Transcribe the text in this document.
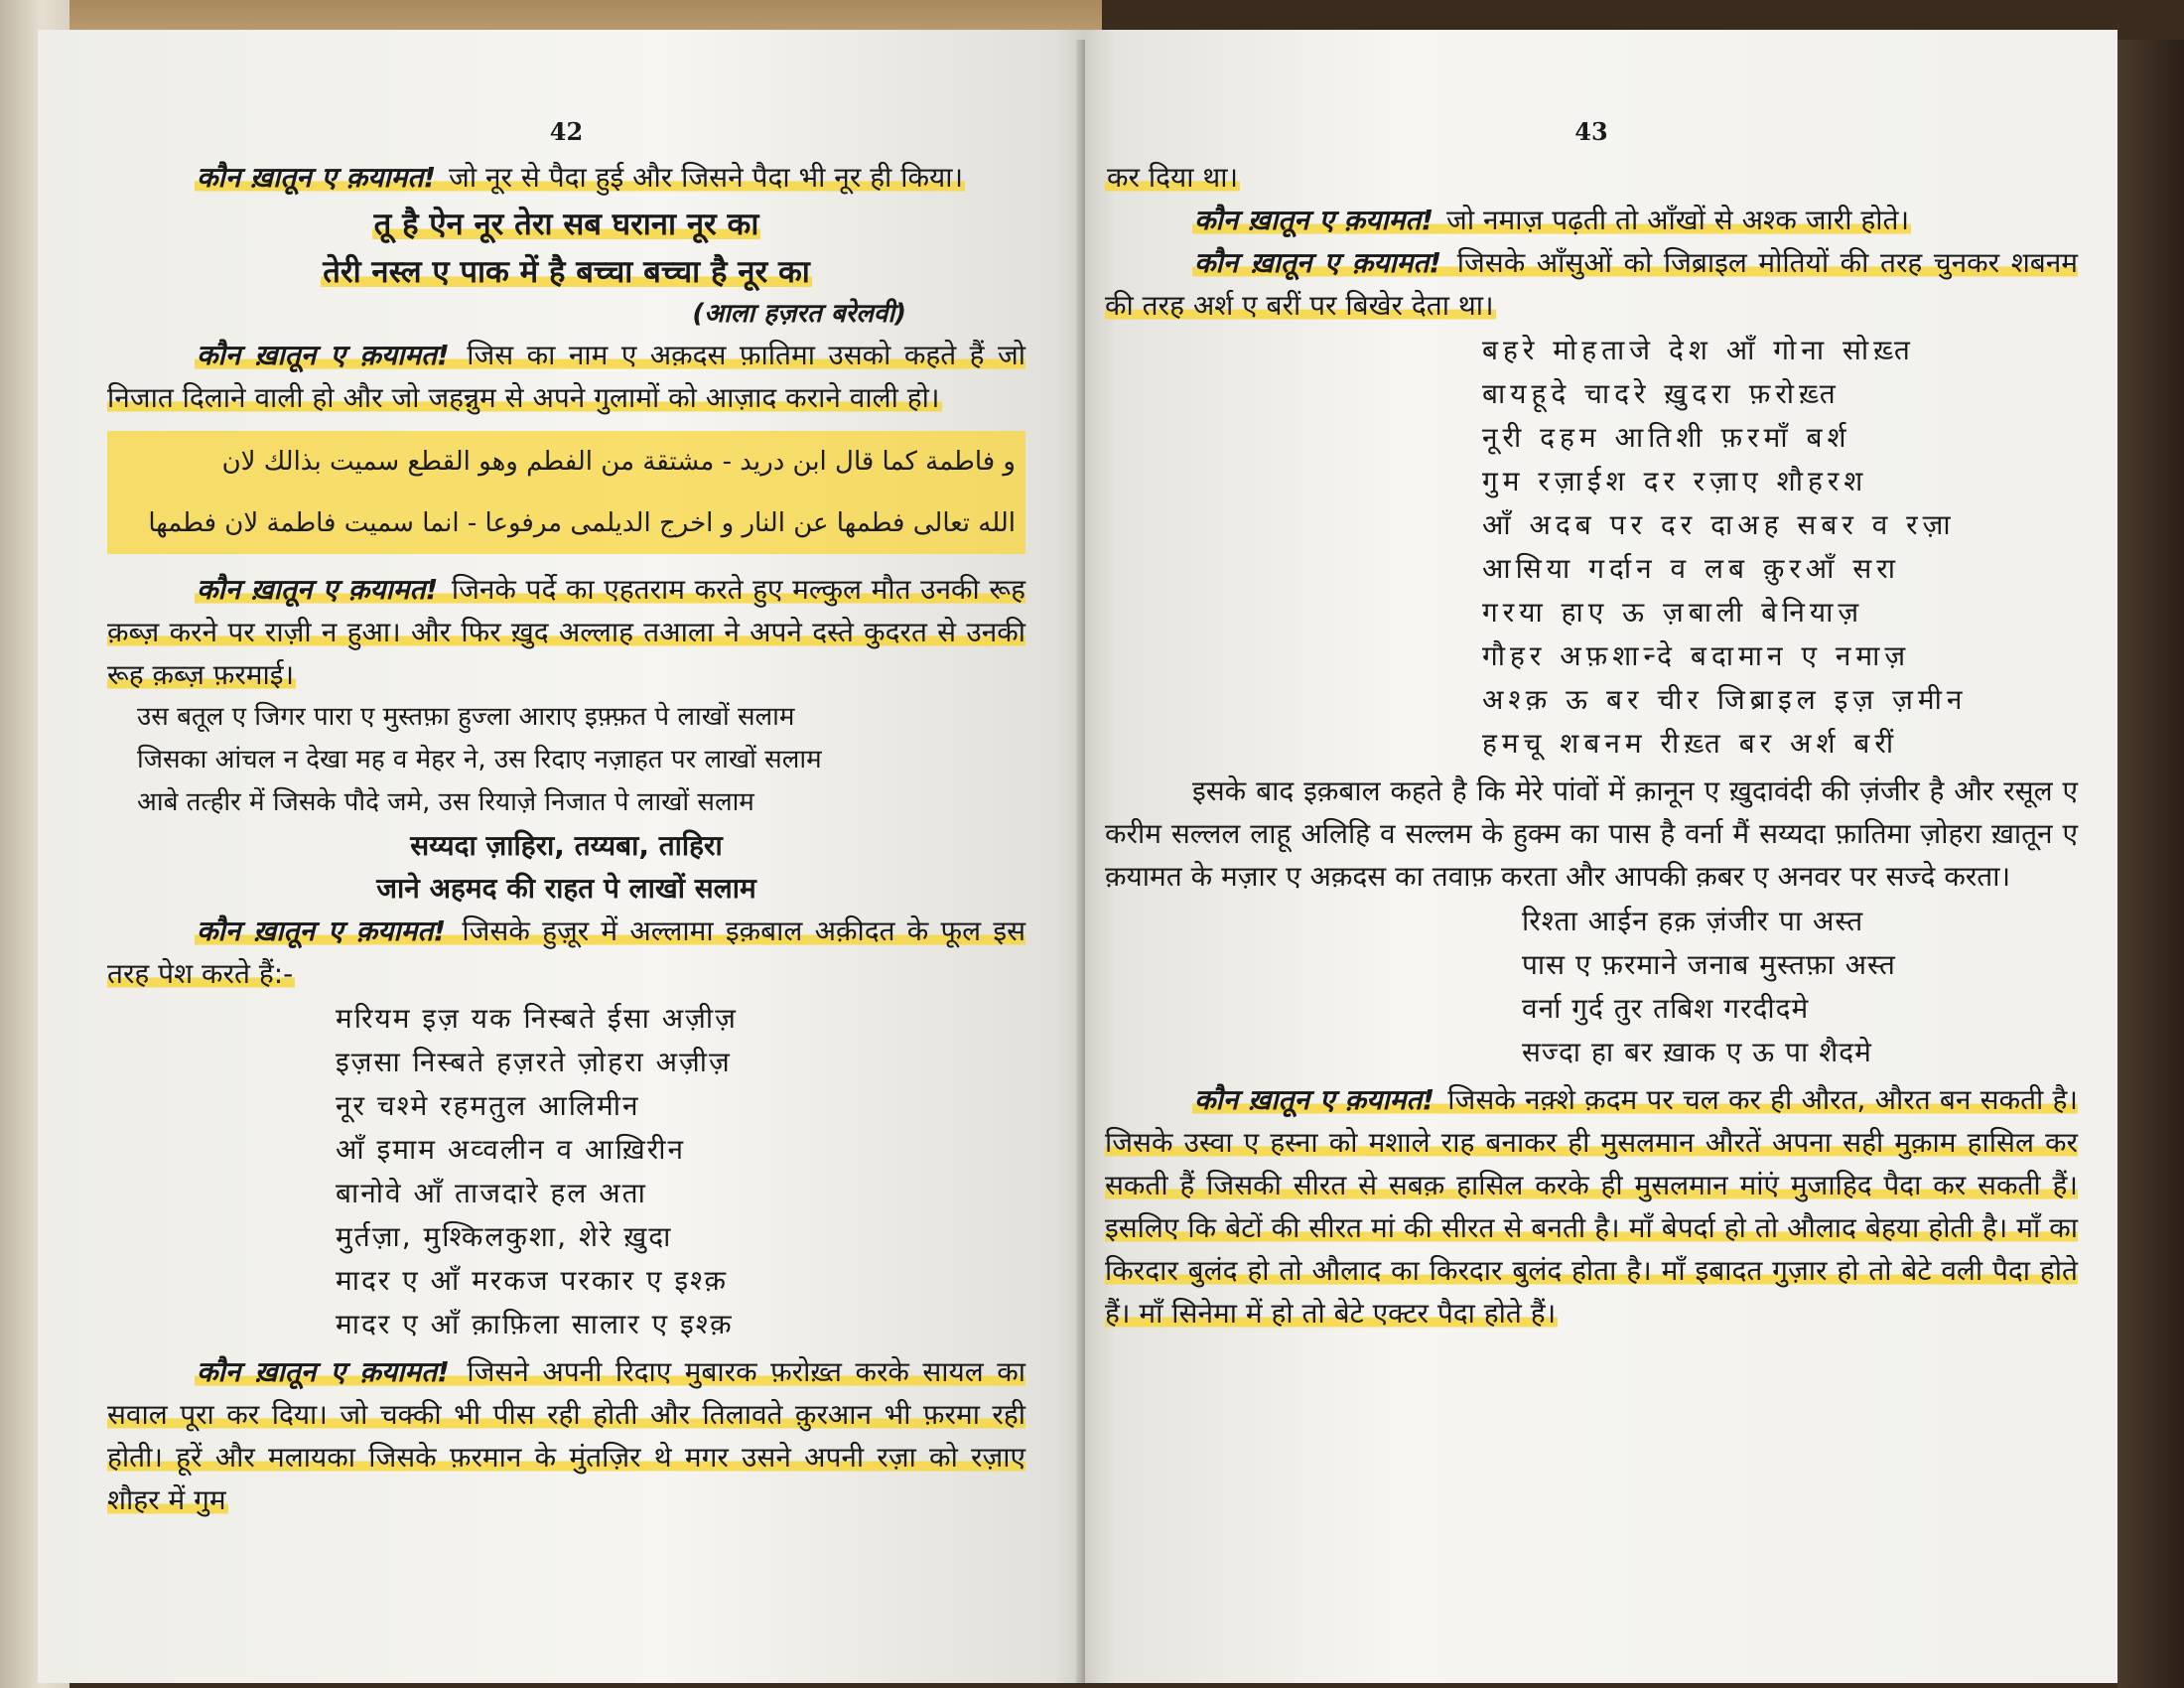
42

कौन ख़ातून ए क़यामत! जो नूर से पैदा हुई और जिसने पैदा भी नूर ही किया।

तू है ऐन नूर तेरा सब घराना नूर का
तेरी नस्ल ए पाक में है बच्चा बच्चा है नूर का
(आला हज़रत बरेलवी)

कौन ख़ातून ए क़यामत! जिस का नाम ए अक़दस फ़ातिमा उसको कहते हैं जो निजात दिलाने वाली हो और जो जहन्नुम से अपने गुलामों को आज़ाद कराने वाली हो।

و فاطمة كما قال ابن دريد - مشتقة من الفطم وهو القطع سميت بذالك لان
الله تعالى فطمها عن النار و اخرج الديلمى مرفوعا - انما سميت فاطمة لان فطمها

कौन ख़ातून ए क़यामत! जिनके पर्दे का एहतराम करते हुए मल्कुल मौत उनकी रूह क़ब्ज़ करने पर राज़ी न हुआ। और फिर ख़ुद अल्लाह तआला ने अपने दस्ते कुदरत से उनकी रूह क़ब्ज़ फ़रमाई।

उस बतूल ए जिगर पारा ए मुस्तफ़ा हुज्ला आराए इफ़्फ़त पे लाखों सलाम

जिसका आंचल न देखा मह व मेहर ने, उस रिदाए नज़ाहत पर लाखों सलाम

आबे तत्हीर में जिसके पौदे जमे, उस रियाज़े निजात पे लाखों सलाम

सय्यदा ज़ाहिरा, तय्यबा, ताहिरा
जाने अहमद की राहत पे लाखों सलाम

कौन ख़ातून ए क़यामत! जिसके हुज़ूर में अल्लामा इक़बाल अक़ीदत के फूल इस तरह पेश करते हैं:-

मरियम इज़ यक निस्बते ईसा अज़ीज़
इज़सा निस्बते हज़रते ज़ोहरा अज़ीज़
नूर चश्मे रहमतुल आलिमीन
आँ इमाम अव्वलीन व आख़िरीन
बानोवे आँ ताजदारे हल अता
मुर्तज़ा, मुश्किलकुशा, शेरे ख़ुदा
मादर ए आँ मरकज परकार ए इश्क़
मादर ए आँ क़ाफ़िला सालार ए इश्क़

कौन ख़ातून ए क़यामत! जिसने अपनी रिदाए मुबारक फ़रोख़्त करके सायल का सवाल पूरा कर दिया। जो चक्की भी पीस रही होती और तिलावते क़ुरआन भी फ़रमा रही होती। हूरें और मलायका जिसके फ़रमान के मुंतज़िर थे मगर उसने अपनी रज़ा को रज़ाए शौहर में गुम

43

कर दिया था।

कौन ख़ातून ए क़यामत! जो नमाज़ पढ़ती तो आँखों से अश्क जारी होते।

कौन ख़ातून ए क़यामत! जिसके आँसुओं को जिब्राइल मोतियों की तरह चुनकर शबनम की तरह अर्श ए बरीं पर बिखेर देता था।

बहरे मोहताजे देश आँ गोना सोख़्त
बायहूदे चादरे ख़ुदरा फ़रोख़्त
नूरी दहम आतिशी फ़रमाँ बर्श
गुम रज़ाईश दर रज़ाए शौहरश
आँ अदब पर दर दाअह सबर व रज़ा
आसिया गर्दान व लब क़ुरआँ सरा
गरया हाए ऊ ज़बाली बेनियाज़
गौहर अफ़शान्दे बदामान ए नमाज़
अश्क़ ऊ बर चीर जिब्राइल इज़ ज़मीन
हमचू शबनम रीख़्त बर अर्श बरीं

इसके बाद इक़बाल कहते है कि मेरे पांवों में क़ानून ए ख़ुदावंदी की ज़ंजीर है और रसूल ए करीम सल्लल लाहू अलिहि व सल्लम के हुक्म का पास है वर्ना मैं सय्यदा फ़ातिमा ज़ोहरा ख़ातून ए क़यामत के मज़ार ए अक़दस का तवाफ़ करता और आपकी क़बर ए अनवर पर सज्दे करता।

रिश्ता आईन हक़ ज़ंजीर पा अस्त
पास ए फ़रमाने जनाब मुस्तफ़ा अस्त
वर्ना गुर्द तुर तबिश गरदीदमे
सज्दा हा बर ख़ाक ए ऊ पा शैदमे

कौन ख़ातून ए क़यामत! जिसके नक़्शे क़दम पर चल कर ही औरत, औरत बन सकती है। जिसके उस्वा ए हस्ना को मशाले राह बनाकर ही मुसलमान औरतें अपना सही मुक़ाम हासिल कर सकती हैं जिसकी सीरत से सबक़ हासिल करके ही मुसलमान मांएं मुजाहिद पैदा कर सकती हैं। इसलिए कि बेटों की सीरत मां की सीरत से बनती है। माँ बेपर्दा हो तो औलाद बेहया होती है। माँ का किरदार बुलंद हो तो औलाद का किरदार बुलंद होता है। माँ इबादत गुज़ार हो तो बेटे वली पैदा होते हैं। माँ सिनेमा में हो तो बेटे एक्टर पैदा होते हैं।
